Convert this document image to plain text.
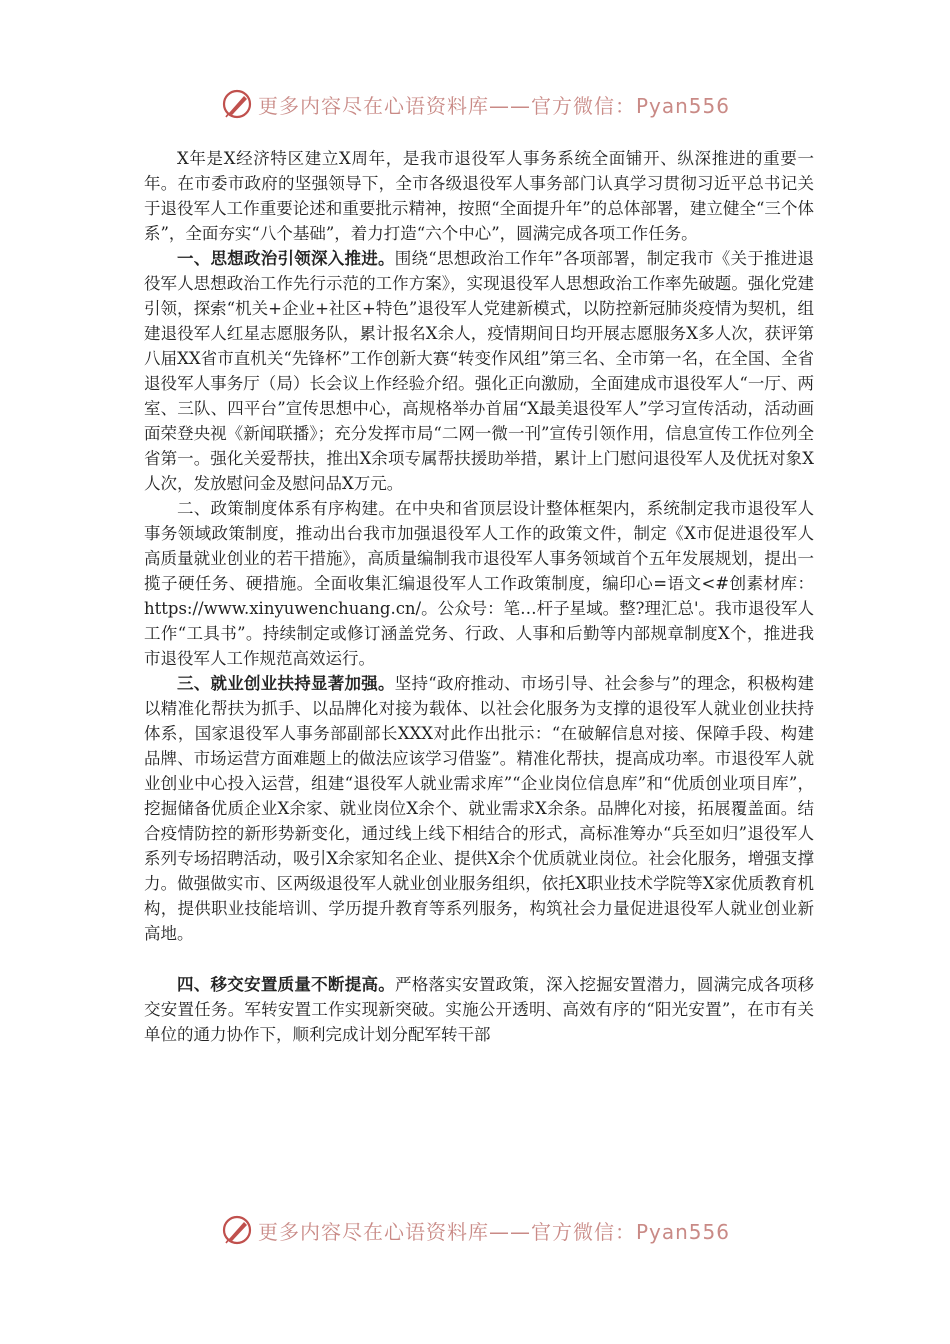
更多内容尽在心语资料库——官方微信：Pyan556

X年是X经济特区建立X周年，是我市退役军人事务系统全面铺开、纵深推进的重要一年。在市委市政府的坚强领导下，全市各级退役军人事务部门认真学习贯彻习近平总书记关于退役军人工作重要论述和重要批示精神，按照“全面提升年”的总体部署，建立健全“三个体系”，全面夯实“八个基础”，着力打造“六个中心”，圆满完成各项工作任务。

一、思想政治引领深入推进。围绕“思想政治工作年”各项部署，制定我市《关于推进退役军人思想政治工作先行示范的工作方案》，实现退役军人思想政治工作率先破题。强化党建引领，探索“机关+企业+社区+特色”退役军人党建新模式，以防控新冠肺炎疫情为契机，组建退役军人红星志愿服务队，累计报名X余人，疫情期间日均开展志愿服务X多人次，获评第八届XX省市直机关“先锋杯”工作创新大赛“转变作风组”第三名、全市第一名，在全国、全省退役军人事务厅（局）长会议上作经验介绍。强化正向激励，全面建成市退役军人“一厅、两室、三队、四平台”宣传思想中心，高规格举办首届“X最美退役军人”学习宣传活动，活动画面荣登央视《新闻联播》；充分发挥市局“二网一微一刊”宣传引领作用，信息宣传工作位列全省第一。强化关爱帮扶，推出X余项专属帮扶援助举措，累计上门慰问退役军人及优抚对象X人次，发放慰问金及慰问品X万元。

二、政策制度体系有序构建。在中央和省顶层设计整体框架内，系统制定我市退役军人事务领域政策制度，推动出台我市加强退役军人工作的政策文件，制定《X市促进退役军人高质量就业创业的若干措施》，高质量编制我市退役军人事务领域首个五年发展规划，提出一揽子硬任务、硬措施。全面收集汇编退役军人工作政策制度，编印心=语文<#创素材库：https://www.xinyuwenchuang.cn/。公众号：笔…杆子星域。整?理汇总'。我市退役军人工作“工具书”。持续制定或修订涵盖党务、行政、人事和后勤等内部规章制度X个，推进我市退役军人工作规范高效运行。

三、就业创业扶持显著加强。坚持“政府推动、市场引导、社会参与”的理念，积极构建以精准化帮扶为抓手、以品牌化对接为载体、以社会化服务为支撑的退役军人就业创业扶持体系，国家退役军人事务部副部长XXX对此作出批示：“在破解信息对接、保障手段、构建品牌、市场运营方面难题上的做法应该学习借鉴”。精准化帮扶，提高成功率。市退役军人就业创业中心投入运营，组建“退役军人就业需求库”“企业岗位信息库”和“优质创业项目库”，挖掘储备优质企业X余家、就业岗位X余个、就业需求X余条。品牌化对接，拓展覆盖面。结合疫情防控的新形势新变化，通过线上线下相结合的形式，高标准筹办“兵至如归”退役军人系列专场招聘活动，吸引X余家知名企业、提供X余个优质就业岗位。社会化服务，增强支撑力。做强做实市、区两级退役军人就业创业服务组织，依托X职业技术学院等X家优质教育机构，提供职业技能培训、学历提升教育等系列服务，构筑社会力量促进退役军人就业创业新高地。

四、移交安置质量不断提高。严格落实安置政策，深入挖掘安置潜力，圆满完成各项移交安置任务。军转安置工作实现新突破。实施公开透明、高效有序的“阳光安置”，在市有关单位的通力协作下，顺利完成计划分配军转干部

更多内容尽在心语资料库——官方微信：Pyan556
